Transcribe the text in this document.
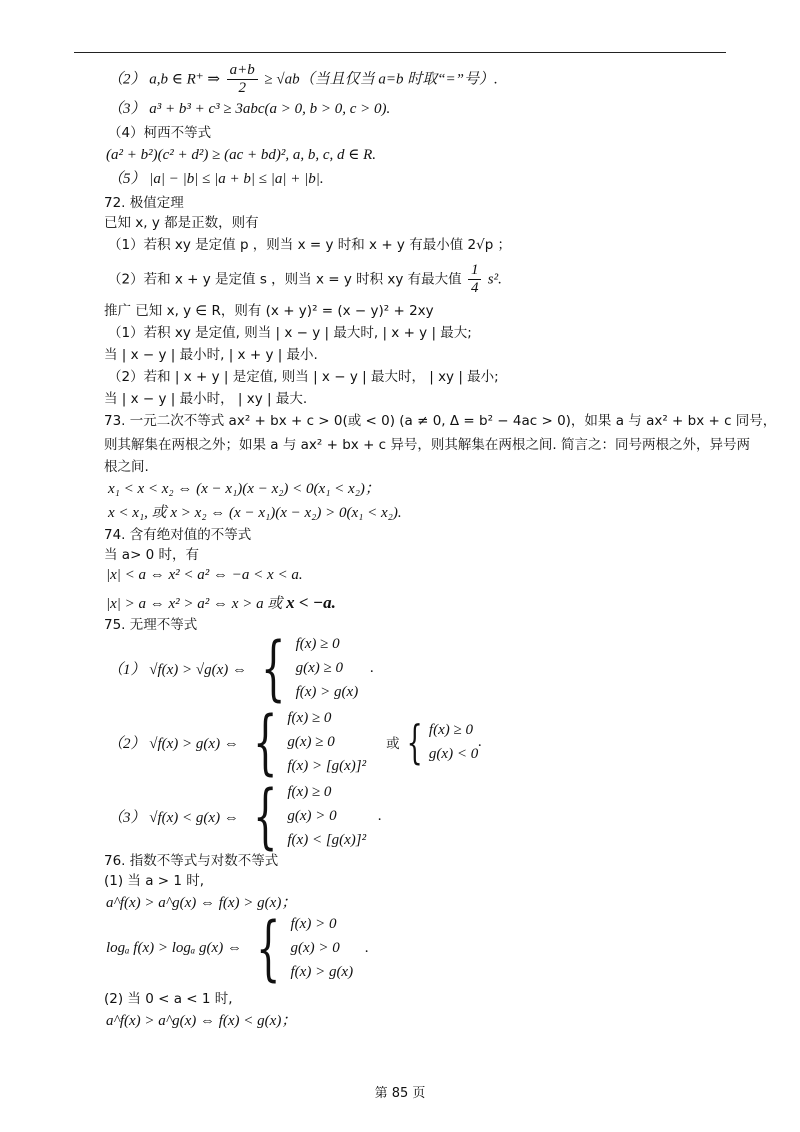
（2） a,b ∈ R⁺ ⇒ $\frac{a+b}{2} \ge √ab$（当且仅当 a=b 时取“=”号）.
（3） a³ + b³ + c³ ≥ 3abc(a > 0, b > 0, c > 0).
（4）柯西不等式
(a² + b²)(c² + d²) ≥ (ac + bd)², a, b, c, d ∈ R.
（5） |a| − |b| ≤ |a + b| ≤ |a| + |b|.
72. 极值定理
已知 x, y 都是正数，则有
（1）若积 xy 是定值 p ，则当 x = y 时和 x + y 有最小值 2√p ；
（2）若和 x + y 是定值 s ，则当 x = y 时积 xy 有最大值 $\frac{1}{4} s^2$.
推广 已知 x, y ∈ R，则有 (x + y)² = (x − y)² + 2xy
（1）若积 xy 是定值, 则当 | x − y | 最大时, | x + y | 最大;
当 | x − y | 最小时, | x + y | 最小.
（2）若和 | x + y | 是定值, 则当 | x − y | 最大时， | xy | 最小;
当 | x − y | 最小时， | xy | 最大.
73. 一元二次不等式 ax² + bx + c > 0(或 < 0) (a ≠ 0, Δ = b² − 4ac > 0)，如果 a 与 ax² + bx + c 同号，
则其解集在两根之外；如果 a 与 ax² + bx + c 异号，则其解集在两根之间. 简言之：同号两根之外，异号两
根之间.
x₁ < x < x₂ ⇔ (x − x₁)(x − x₂) < 0(x₁ < x₂)；
x < x₁, 或 x > x₂ ⇔ (x − x₁)(x − x₂) > 0(x₁ < x₂).
74. 含有绝对值的不等式
当 a> 0 时，有
|x| < a ⇔ x² < a² ⇔ −a < x < a.
|x| > a ⇔ x² > a² ⇔ x > a 或 x < −a.
75. 无理不等式
（1） √f(x) > √g(x) ⇔ { f(x) ≥ 0
g(x) ≥ 0
f(x) > g(x)
.
（2） √f(x) > g(x) ⇔ { f(x) ≥ 0
g(x) ≥ 0
f(x) > [g(x)]²
或 { f(x) ≥ 0
g(x) < 0
.
（3） √f(x) < g(x) ⇔ { f(x) ≥ 0
g(x) > 0
f(x) < [g(x)]²
.
76. 指数不等式与对数不等式
(1) 当 a > 1 时,
a^f(x) > a^g(x) ⇔ f(x) > g(x)；
logₐ f(x) > logₐ g(x) ⇔ { f(x) > 0
g(x) > 0
f(x) > g(x)
.
(2) 当 0 < a < 1 时,
a^f(x) > a^g(x) ⇔ f(x) < g(x)；
第 85 页
